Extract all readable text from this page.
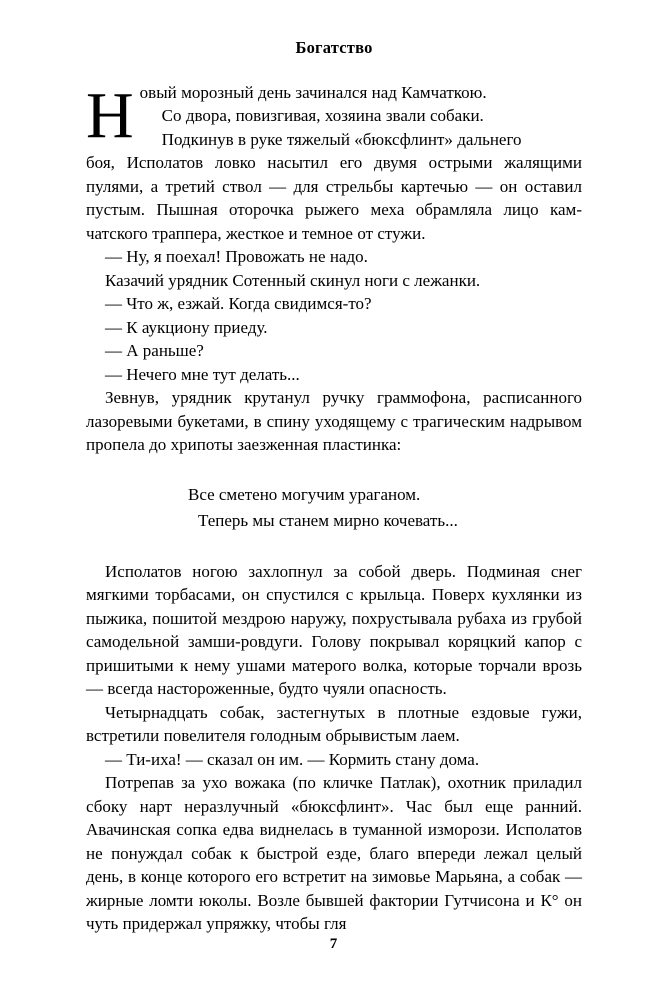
Богатство
Н овый морозный день зачинался над Камчаткою.

Со двора, повизгивая, хозяина звали собаки.

Подкинув в руке тяжелый «бюксфлинт» дальнего

боя, Исполатов ловко насытил его двумя острыми жалящими пулями, а третий ствол — для стрельбы картечью — он оставил пустым. Пышная оторочка рыжего меха обрамляла лицо камчатского траппера, жесткое и темное от стужи.

— Ну, я поехал! Провожать не надо.

Казачий урядник Сотенный скинул ноги с лежанки.

— Что ж, езжай. Когда свидимся-то?

— К аукциону приеду.

— А раньше?

— Нечего мне тут делать...

Зевнув, урядник крутанул ручку граммофона, расписанного лазоревыми букетами, в спину уходящему с трагическим надрывом пропела до хрипоты заезженная пластинка:

Все сметено могучим ураганом.
Теперь мы станем мирно кочевать...

Исполатов ногою захлопнул за собой дверь. Подминая снег мягкими торбасами, он спустился с крыльца. Поверх кухлянки из пыжика, пошитой мездрою наружу, похрустывала рубаха из грубой самодельной замши-ровдуги. Голову покрывал коряцкий капор с пришитыми к нему ушами матерого волка, которые торчали врозь — всегда настороженные, будто чуяли опасность.

Четырнадцать собак, застегнутых в плотные ездовые гужи, встретили повелителя голодным обрывистым лаем.

— Ти-иха! — сказал он им. — Кормить стану дома.

Потрепав за ухо вожака (по кличке Патлак), охотник приладил сбоку нарт неразлучный «бюксфлинт». Час был еще ранний. Авачинская сопка едва виднелась в туманной изморози. Исполатов не понуждал собак к быстрой езде, благо впереди лежал целый день, в конце которого его встретит на зимовье Марьяна, а собак — жирные ломти юколы. Возле бывшей фактории Гутчисона и К° он чуть придержал упряжку, чтобы гля

7
